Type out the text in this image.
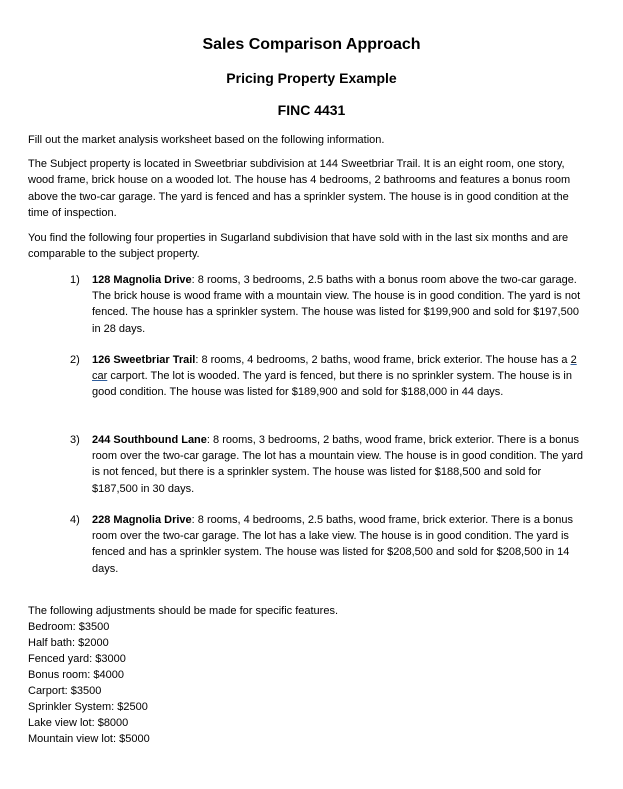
Sales Comparison Approach
Pricing Property Example
FINC 4431

Fill out the market analysis worksheet based on the following information.

The Subject property is located in Sweetbriar subdivision at 144 Sweetbriar Trail. It is an eight room, one story, wood frame, brick house on a wooded lot. The house has 4 bedrooms, 2 bathrooms and features a bonus room above the two-car garage. The yard is fenced and has a sprinkler system. The house is in good condition at the time of inspection.

You find the following four properties in Sugarland subdivision that have sold with in the last six months and are comparable to the subject property.

1) 128 Magnolia Drive: 8 rooms, 3 bedrooms, 2.5 baths with a bonus room above the two-car garage. The brick house is wood frame with a mountain view. The house is in good condition. The yard is not fenced. The house has a sprinkler system. The house was listed for $199,900 and sold for $197,500 in 28 days.
2) 126 Sweetbriar Trail: 8 rooms, 4 bedrooms, 2 baths, wood frame, brick exterior. The house has a 2 car carport. The lot is wooded. The yard is fenced, but there is no sprinkler system. The house is in good condition. The house was listed for $189,900 and sold for $188,000 in 44 days.
3) 244 Southbound Lane: 8 rooms, 3 bedrooms, 2 baths, wood frame, brick exterior. There is a bonus room over the two-car garage. The lot has a mountain view. The house is in good condition. The yard is not fenced, but there is a sprinkler system. The house was listed for $188,500 and sold for $187,500 in 30 days.
4) 228 Magnolia Drive: 8 rooms, 4 bedrooms, 2.5 baths, wood frame, brick exterior. There is a bonus room over the two-car garage. The lot has a lake view. The house is in good condition. The yard is fenced and has a sprinkler system. The house was listed for $208,500 and sold for $208,500 in 14 days.
The following adjustments should be made for specific features.
Bedroom: $3500
Half bath: $2000
Fenced yard: $3000
Bonus room: $4000
Carport: $3500
Sprinkler System: $2500
Lake view lot: $8000
Mountain view lot: $5000
